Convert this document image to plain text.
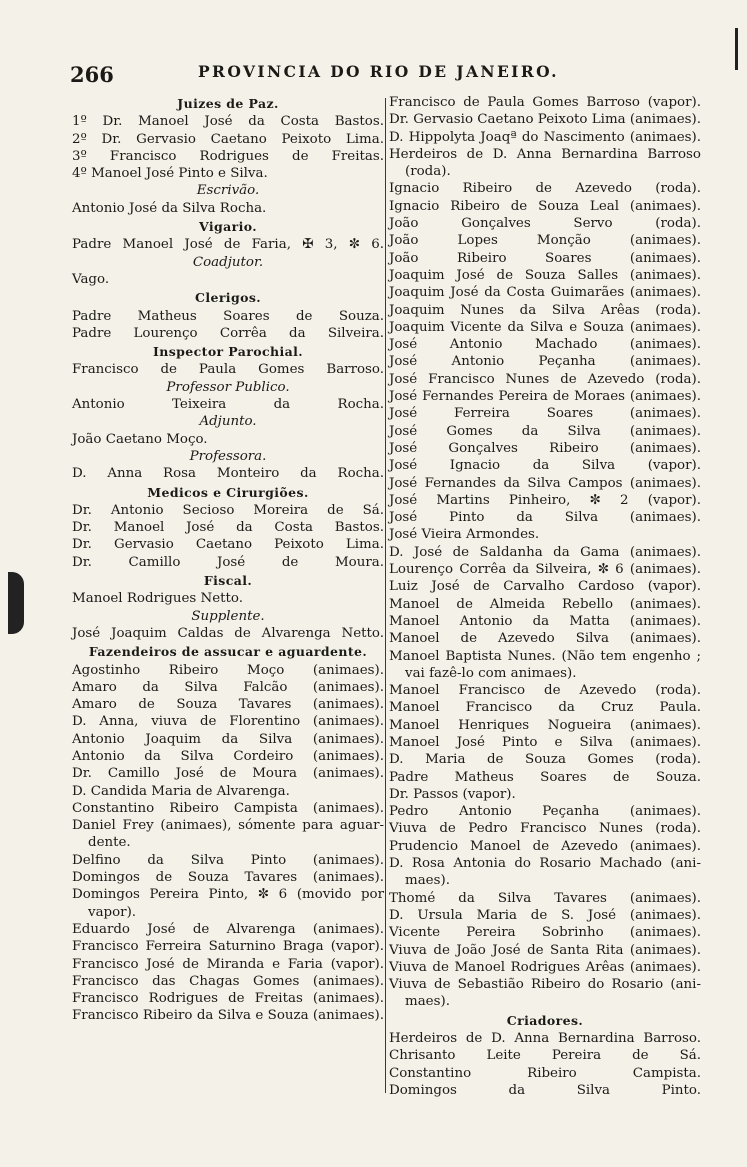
266	PROVINCIA DO RIO DE JANEIRO.
Juizes de Paz.
1º Dr. Manoel José da Costa Bastos.
2º Dr. Gervasio Caetano Peixoto Lima.
3º Francisco Rodrigues de Freitas.
4º Manoel José Pinto e Silva.
Escrivão.
Antonio José da Silva Rocha.
Vigario.
Padre Manoel José de Faria, ✠ 3, ✼ 6.
Coadjutor.
Vago.
Clerigos.
Padre Matheus Soares de Souza.
Padre Lourenço Corrêa da Silveira.
Inspector Parochial.
Francisco de Paula Gomes Barroso.
Professor Publico.
Antonio Teixeira da Rocha.
Adjunto.
João Caetano Moço.
Professora.
D. Anna Rosa Monteiro da Rocha.
Medicos e Cirurgiões.
Dr. Antonio Secioso Moreira de Sá.
Dr. Manoel José da Costa Bastos.
Dr. Gervasio Caetano Peixoto Lima.
Dr. Camillo José de Moura.
Fiscal.
Manoel Rodrigues Netto.
Supplente.
José Joaquim Caldas de Alvarenga Netto.
Fazendeiros de assucar e aguardente.
Agostinho Ribeiro Moço (animaes).
Amaro da Silva Falcão (animaes).
Amaro de Souza Tavares (animaes).
D. Anna, viuva de Florentino (animaes).
Antonio Joaquim da Silva (animaes).
Antonio da Silva Cordeiro (animaes).
Dr. Camillo José de Moura (animaes).
D. Candida Maria de Alvarenga.
Constantino Ribeiro Campista (animaes).
Daniel Frey (animaes), sómente para aguar-
dente.
Delfino da Silva Pinto (animaes).
Domingos de Souza Tavares (animaes).
Domingos Pereira Pinto, ✼ 6 (movido por
vapor).
Eduardo José de Alvarenga (animaes).
Francisco Ferreira Saturnino Braga (vapor).
Francisco José de Miranda e Faria (vapor).
Francisco das Chagas Gomes (animaes).
Francisco Rodrigues de Freitas (animaes).
Francisco Ribeiro da Silva e Souza (animaes).
Francisco de Paula Gomes Barroso (vapor).
Dr. Gervasio Caetano Peixoto Lima (animaes).
D. Hippolyta Joaqª do Nascimento (animaes).
Herdeiros de D. Anna Bernardina Barroso
(roda).
Ignacio Ribeiro de Azevedo (roda).
Ignacio Ribeiro de Souza Leal (animaes).
João Gonçalves Servo (roda).
João Lopes Monção (animaes).
João Ribeiro Soares (animaes).
Joaquim José de Souza Salles (animaes).
Joaquim José da Costa Guimarães (animaes).
Joaquim Nunes da Silva Arêas (roda).
Joaquim Vicente da Silva e Souza (animaes).
José Antonio Machado (animaes).
José Antonio Peçanha (animaes).
José Francisco Nunes de Azevedo (roda).
José Fernandes Pereira de Moraes (animaes).
José Ferreira Soares (animaes).
José Gomes da Silva (animaes).
José Gonçalves Ribeiro (animaes).
José Ignacio da Silva (vapor).
José Fernandes da Silva Campos (animaes).
José Martins Pinheiro, ✼ 2 (vapor).
José Pinto da Silva (animaes).
José Vieira Armondes.
D. José de Saldanha da Gama (animaes).
Lourenço Corrêa da Silveira, ✼ 6 (animaes).
Luiz José de Carvalho Cardoso (vapor).
Manoel de Almeida Rebello (animaes).
Manoel Antonio da Matta (animaes).
Manoel de Azevedo Silva (animaes).
Manoel Baptista Nunes. (Não tem engenho ;
vai fazê-lo com animaes).
Manoel Francisco de Azevedo (roda).
Manoel Francisco da Cruz Paula.
Manoel Henriques Nogueira (animaes).
Manoel José Pinto e Silva (animaes).
D. Maria de Souza Gomes (roda).
Padre Matheus Soares de Souza.
Dr. Passos (vapor).
Pedro Antonio Peçanha (animaes).
Viuva de Pedro Francisco Nunes (roda).
Prudencio Manoel de Azevedo (animaes).
D. Rosa Antonia do Rosario Machado (ani-
maes).
Thomé da Silva Tavares (animaes).
D. Ursula Maria de S. José (animaes).
Vicente Pereira Sobrinho (animaes).
Viuva de João José de Santa Rita (animaes).
Viuva de Manoel Rodrigues Arêas (animaes).
Viuva de Sebastião Ribeiro do Rosario (ani-
maes).
Criadores.
Herdeiros de D. Anna Bernardina Barroso.
Chrisanto Leite Pereira de Sá.
Constantino Ribeiro Campista.
Domingos da Silva Pinto.
